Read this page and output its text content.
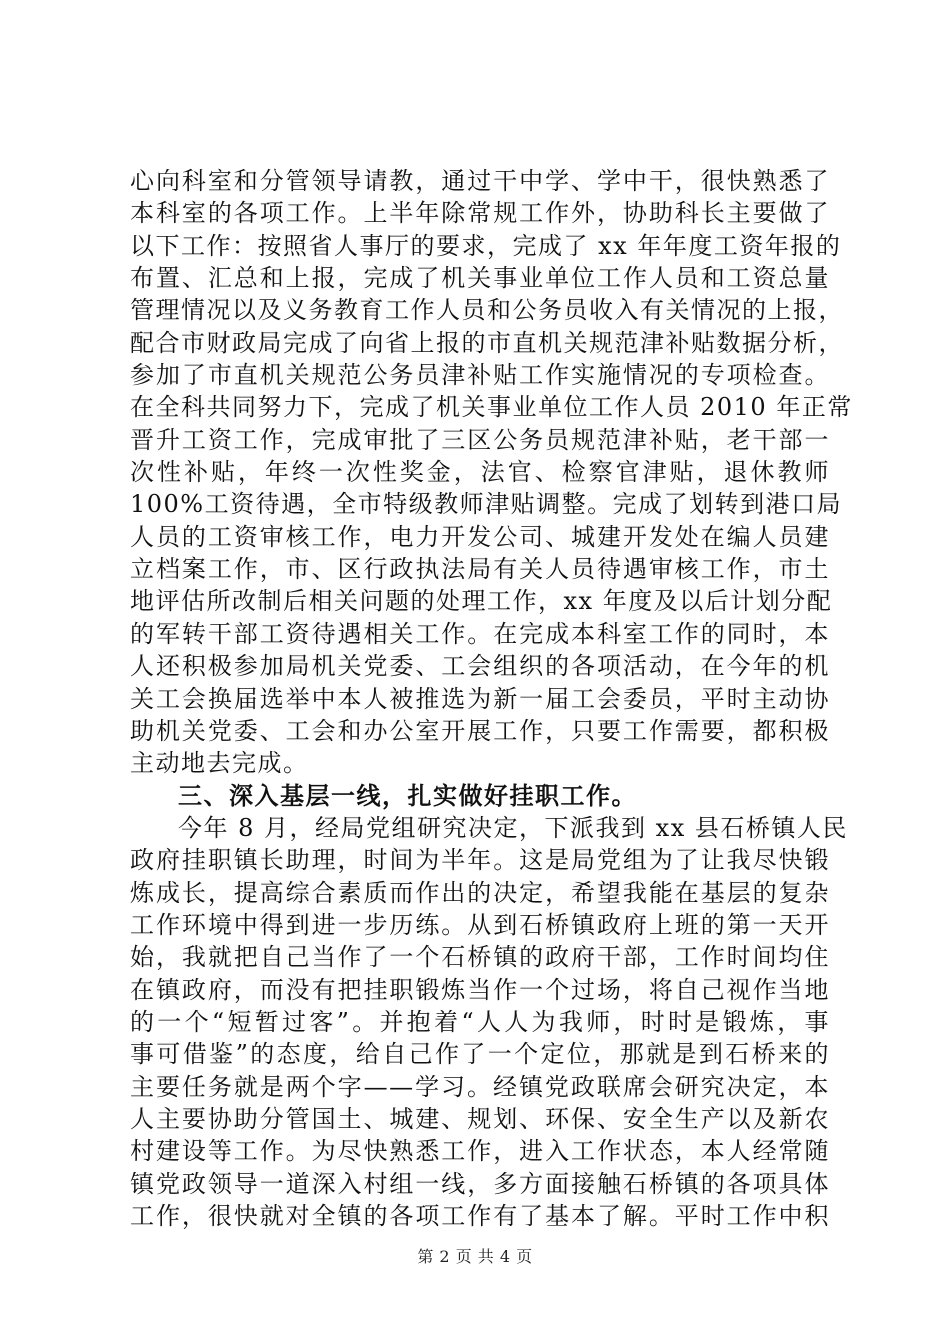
心向科室和分管领导请教，通过干中学、学中干，很快熟悉了
本科室的各项工作。上半年除常规工作外，协助科长主要做了
以下工作：按照省人事厅的要求，完成了 xx 年年度工资年报的
布置、汇总和上报，完成了机关事业单位工作人员和工资总量
管理情况以及义务教育工作人员和公务员收入有关情况的上报，
配合市财政局完成了向省上报的市直机关规范津补贴数据分析，
参加了市直机关规范公务员津补贴工作实施情况的专项检查。
在全科共同努力下，完成了机关事业单位工作人员 2010 年正常
晋升工资工作，完成审批了三区公务员规范津补贴，老干部一
次性补贴，年终一次性奖金，法官、检察官津贴，退休教师
100%工资待遇，全市特级教师津贴调整。完成了划转到港口局
人员的工资审核工作，电力开发公司、城建开发处在编人员建
立档案工作，市、区行政执法局有关人员待遇审核工作，市土
地评估所改制后相关问题的处理工作，xx 年度及以后计划分配
的军转干部工资待遇相关工作。在完成本科室工作的同时，本
人还积极参加局机关党委、工会组织的各项活动，在今年的机
关工会换届选举中本人被推选为新一届工会委员，平时主动协
助机关党委、工会和办公室开展工作，只要工作需要，都积极
主动地去完成。
三、深入基层一线，扎实做好挂职工作。
今年 8 月，经局党组研究决定，下派我到 xx 县石桥镇人民
政府挂职镇长助理，时间为半年。这是局党组为了让我尽快锻
炼成长，提高综合素质而作出的决定，希望我能在基层的复杂
工作环境中得到进一步历练。从到石桥镇政府上班的第一天开
始，我就把自己当作了一个石桥镇的政府干部，工作时间均住
在镇政府，而没有把挂职锻炼当作一个过场，将自己视作当地
的一个“短暂过客”。并抱着“人人为我师，时时是锻炼，事
事可借鉴”的态度，给自己作了一个定位，那就是到石桥来的
主要任务就是两个字——学习。经镇党政联席会研究决定，本
人主要协助分管国土、城建、规划、环保、安全生产以及新农
村建设等工作。为尽快熟悉工作，进入工作状态，本人经常随
镇党政领导一道深入村组一线，多方面接触石桥镇的各项具体
工作，很快就对全镇的各项工作有了基本了解。平时工作中积
第 2 页 共 4 页
